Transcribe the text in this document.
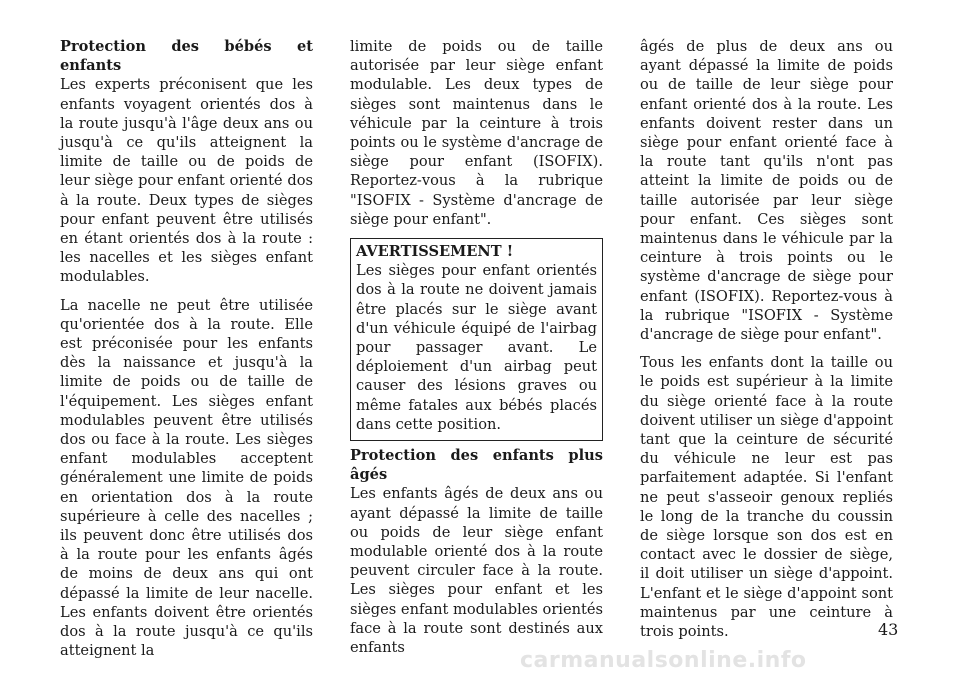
Protection des bébés et enfants

Les experts préconisent que les enfants voyagent orientés dos à la route jusqu'à l'âge deux ans ou jusqu'à ce qu'ils atteignent la limite de taille ou de poids de leur siège pour enfant orienté dos à la route. Deux types de sièges pour enfant peuvent être utilisés en étant orientés dos à la route : les nacelles et les sièges enfant modulables.

La nacelle ne peut être utilisée qu'orientée dos à la route. Elle est préconisée pour les enfants dès la naissance et jusqu'à la limite de poids ou de taille de l'équipement. Les sièges enfant modulables peuvent être utilisés dos ou face à la route. Les sièges enfant modulables acceptent généralement une limite de poids en orientation dos à la route supérieure à celle des nacelles ; ils peuvent donc être utilisés dos à la route pour les enfants âgés de moins de deux ans qui ont dépassé la limite de leur nacelle. Les enfants doivent être orientés dos à la route jusqu'à ce qu'ils atteignent la

limite de poids ou de taille autorisée par leur siège enfant modulable. Les deux types de sièges sont maintenus dans le véhicule par la ceinture à trois points ou le système d'ancrage de siège pour enfant (ISOFIX). Reportez-vous à la rubrique "ISOFIX - Système d'ancrage de siège pour enfant".

AVERTISSEMENT !
Les sièges pour enfant orientés dos à la route ne doivent jamais être placés sur le siège avant d'un véhicule équipé de l'airbag pour passager avant. Le déploiement d'un airbag peut causer des lésions graves ou même fatales aux bébés placés dans cette position.
Protection des enfants plus âgés

Les enfants âgés de deux ans ou ayant dépassé la limite de taille ou poids de leur siège enfant modulable orienté dos à la route peuvent circuler face à la route. Les sièges pour enfant et les sièges enfant modulables orientés face à la route sont destinés aux enfants

âgés de plus de deux ans ou ayant dépassé la limite de poids ou de taille de leur siège pour enfant orienté dos à la route. Les enfants doivent rester dans un siège pour enfant orienté face à la route tant qu'ils n'ont pas atteint la limite de poids ou de taille autorisée par leur siège pour enfant. Ces sièges sont maintenus dans le véhicule par la ceinture à trois points ou le système d'ancrage de siège pour enfant (ISOFIX). Reportez-vous à la rubrique "ISOFIX - Système d'ancrage de siège pour enfant".

Tous les enfants dont la taille ou le poids est supérieur à la limite du siège orienté face à la route doivent utiliser un siège d'appoint tant que la ceinture de sécurité du véhicule ne leur est pas parfaitement adaptée. Si l'enfant ne peut s'asseoir genoux repliés le long de la tranche du coussin de siège lorsque son dos est en contact avec le dossier de siège, il doit utiliser un siège d'appoint. L'enfant et le siège d'appoint sont maintenus par une ceinture à trois points.	43
carmanualsonline.info
